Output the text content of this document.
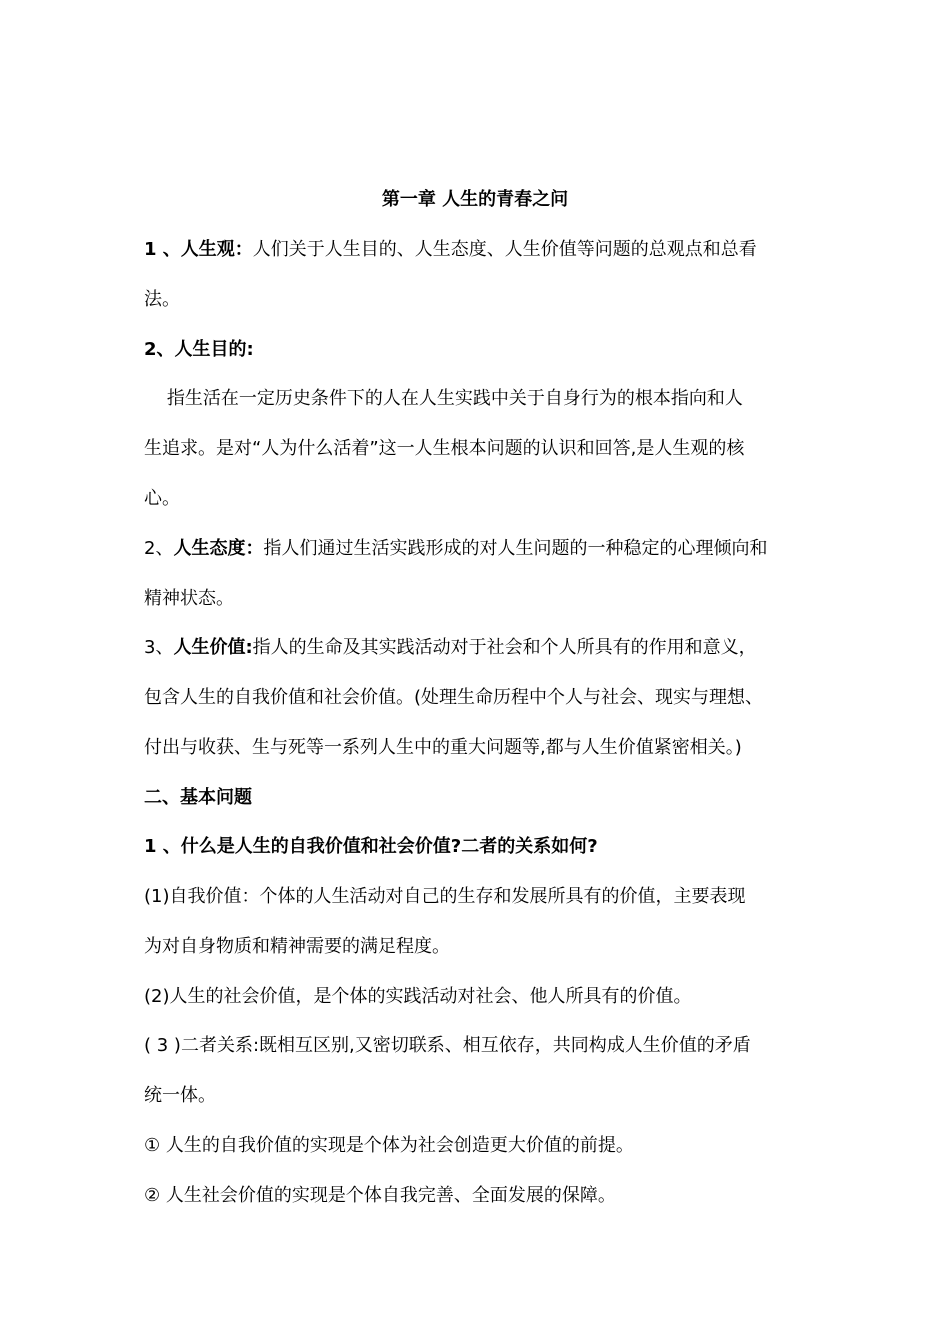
第一章 人生的青春之问

1 、人生观：人们关于人生目的、人生态度、人生价值等问题的总观点和总看

法。

2、人生目的:

指生活在一定历史条件下的人在人生实践中关于自身行为的根本指向和人

生追求。是对“人为什么活着”这一人生根本问题的认识和回答,是人生观的核

心。

2、人生态度：指人们通过生活实践形成的对人生问题的一种稳定的心理倾向和

精神状态。

3、人生价值:指人的生命及其实践活动对于社会和个人所具有的作用和意义，

包含人生的自我价值和社会价值。(处理生命历程中个人与社会、现实与理想、

付出与收获、生与死等一系列人生中的重大问题等,都与人生价值紧密相关。)

二、基本问题

1 、什么是人生的自我价值和社会价值?二者的关系如何?

(1)自我价值：个体的人生活动对自己的生存和发展所具有的价值，主要表现

为对自身物质和精神需要的满足程度。

(2)人生的社会价值，是个体的实践活动对社会、他人所具有的价值。

( 3 )二者关系:既相互区别,又密切联系、相互依存，共同构成人生价值的矛盾

统一体。

① 人生的自我价值的实现是个体为社会创造更大价值的前提。

② 人生社会价值的实现是个体自我完善、全面发展的保障。
